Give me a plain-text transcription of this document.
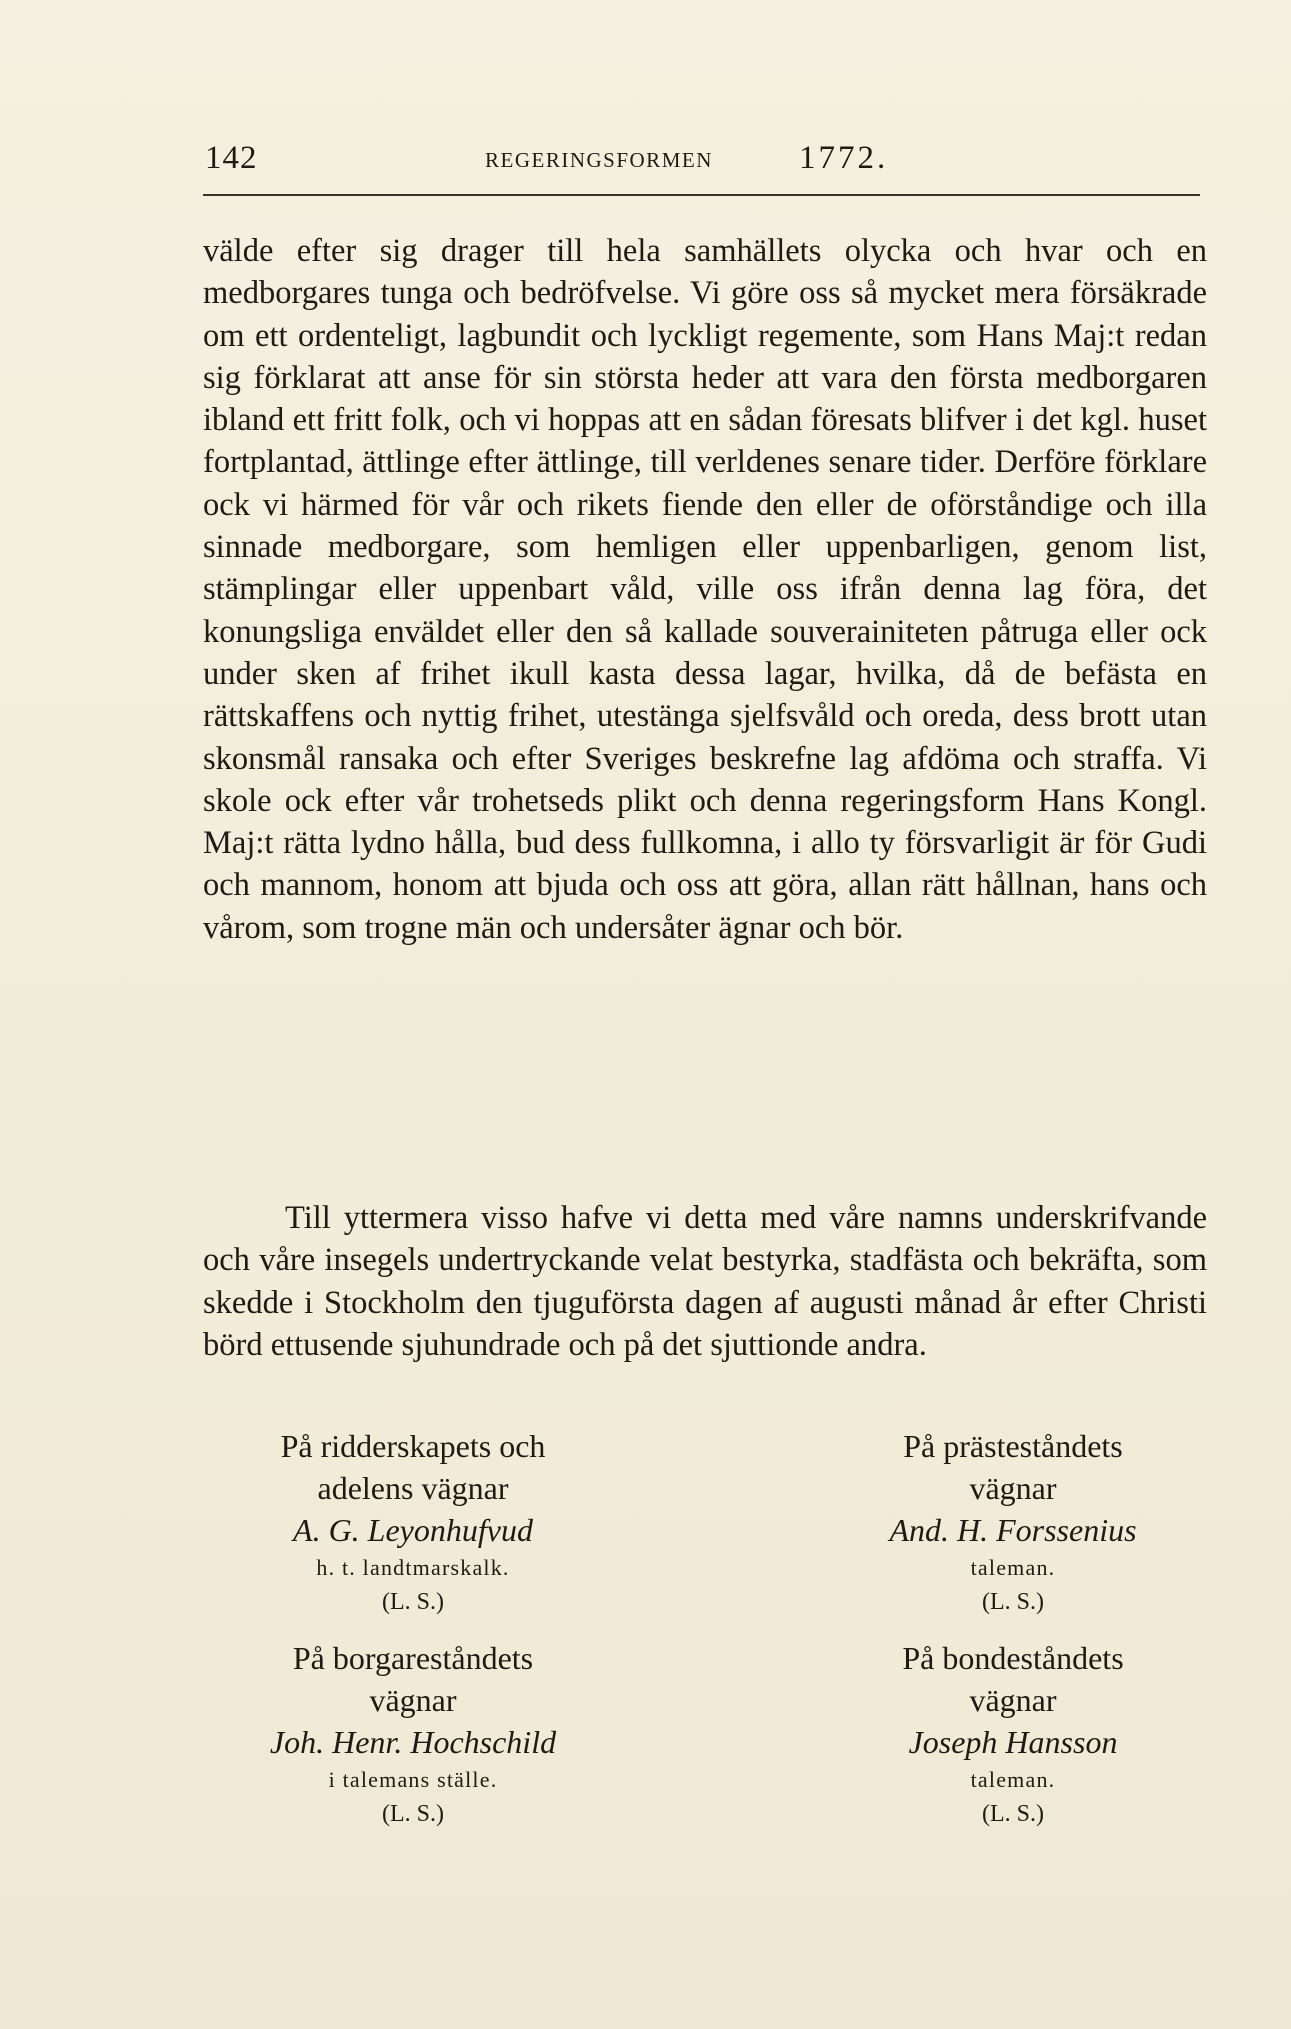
142	REGERINGSFORMEN	1772.

välde efter sig drager till hela samhällets olycka och hvar och en medborgares tunga och bedröfvelse. Vi göre oss så mycket mera försäkrade om ett ordenteligt, lagbundit och lyckligt regemente, som Hans Maj:t redan sig förklarat att anse för sin största heder att vara den första medborgaren ibland ett fritt folk, och vi hoppas att en sådan föresats blifver i det kgl. huset fortplantad, ättlinge efter ättlinge, till verldenes senare tider. Derföre förklare ock vi härmed för vår och rikets fiende den eller de oförståndige och illa sinnade medborgare, som hemligen eller uppenbarligen, genom list, stämplingar eller uppenbart våld, ville oss ifrån denna lag föra, det konungsliga enväldet eller den så kallade souverainiteten påtruga eller ock under sken af frihet ikull kasta dessa lagar, hvilka, då de befästa en rättskaffens och nyttig frihet, utestänga sjelfsvåld och oreda, dess brott utan skonsmål ransaka och efter Sveriges beskrefne lag afdöma och straffa. Vi skole ock efter vår trohetseds plikt och denna regeringsform Hans Kongl. Maj:t rätta lydno hålla, bud dess fullkomna, i allo ty försvarligit är för Gudi och mannom, honom att bjuda och oss att göra, allan rätt hållnan, hans och vårom, som trogne män och undersåter ägnar och bör.

Till yttermera visso hafve vi detta med våre namns underskrifvande och våre insegels undertryckande velat bestyrka, stadfästa och bekräfta, som skedde i Stockholm den tjuguförsta dagen af augusti månad år efter Christi börd ettusende sjuhundrade och på det sjuttionde andra.

På ridderskapets och
adelens vägnar
A. G. Leyonhufvud
h. t. landtmarskalk.
(L. S.)
På prästeståndets
vägnar
And. H. Forssenius
taleman.
(L. S.)
På borgareståndets
vägnar
Joh. Henr. Hochschild
i talemans ställe.
(L. S.)
På bondeståndets
vägnar
Joseph Hansson
taleman.
(L. S.)
